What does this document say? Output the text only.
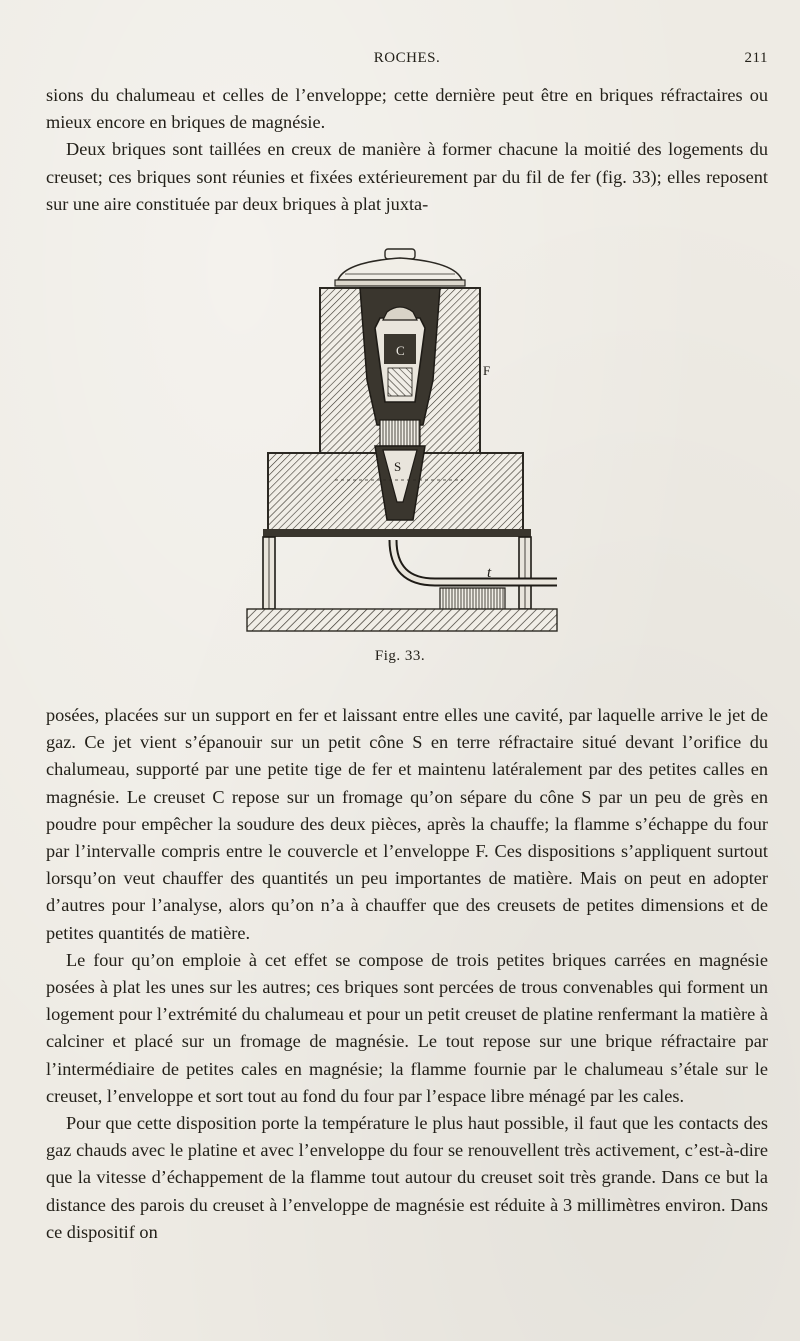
ROCHES.	211

sions du chalumeau et celles de l’enveloppe; cette dernière peut être en briques réfractaires ou mieux encore en briques de magnésie.

Deux briques sont taillées en creux de manière à former chacune la moitié des logements du creuset; ces briques sont réunies et fixées extérieurement par du fil de fer (fig. 33); elles reposent sur une aire constituée par deux briques à plat juxta-

C
S
t
F
Fig. 33.

posées, placées sur un support en fer et laissant entre elles une cavité, par laquelle arrive le jet de gaz. Ce jet vient s’épanouir sur un petit cône S en terre réfractaire situé devant l’orifice du chalumeau, supporté par une petite tige de fer et maintenu latéralement par des petites calles en magnésie. Le creuset C repose sur un fromage qu’on sépare du cône S par un peu de grès en poudre pour empêcher la soudure des deux pièces, après la chauffe; la flamme s’échappe du four par l’intervalle compris entre le couvercle et l’enveloppe F. Ces dispositions s’appliquent surtout lorsqu’on veut chauffer des quantités un peu importantes de matière. Mais on peut en adopter d’autres pour l’analyse, alors qu’on n’a à chauffer que des creusets de petites dimensions et de petites quantités de matière.

Le four qu’on emploie à cet effet se compose de trois petites briques carrées en magnésie posées à plat les unes sur les autres; ces briques sont percées de trous convenables qui forment un logement pour l’extrémité du chalumeau et pour un petit creuset de platine renfermant la matière à calciner et placé sur un fromage de magnésie. Le tout repose sur une brique réfractaire par l’intermédiaire de petites cales en magnésie; la flamme fournie par le chalumeau s’étale sur le creuset, l’enveloppe et sort tout au fond du four par l’espace libre ménagé par les cales.

Pour que cette disposition porte la température le plus haut possible, il faut que les contacts des gaz chauds avec le platine et avec l’enveloppe du four se renouvellent très activement, c’est-à-dire que la vitesse d’échappement de la flamme tout autour du creuset soit très grande. Dans ce but la distance des parois du creuset à l’enveloppe de magnésie est réduite à 3 millimètres environ. Dans ce dispositif on
